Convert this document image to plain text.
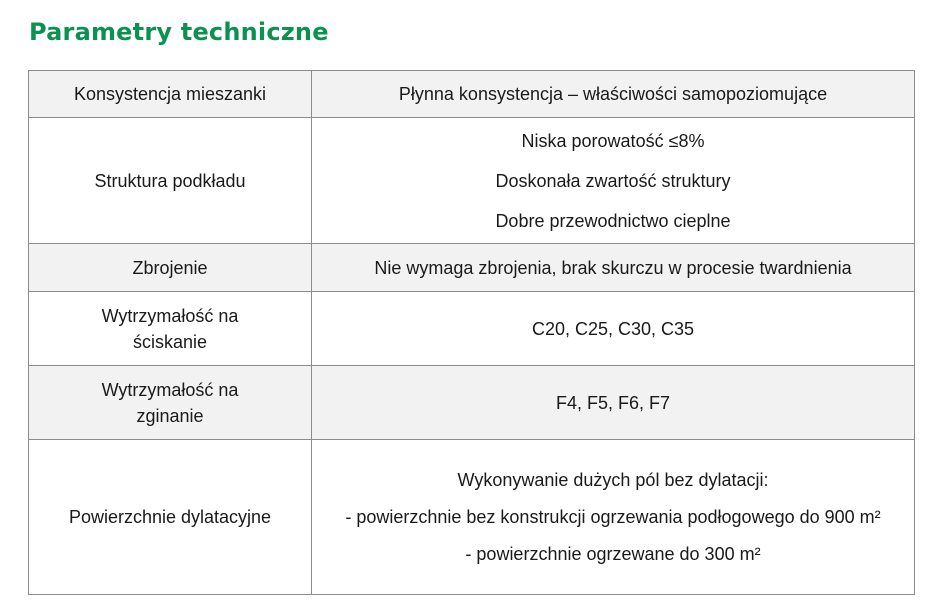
Parametry techniczne
Konsystencja mieszanki	Płynna konsystencja – właściwości samopoziomujące

Struktura podkładu	Niska porowatość ≤8%
Doskonała zwartość struktury
Dobre przewodnictwo cieplne

Zbrojenie	Nie wymaga zbrojenia, brak skurczu w procesie twardnienia

Wytrzymałość na
ściskanie	C20, C25, C30, C35

Wytrzymałość na
zginanie	F4, F5, F6, F7

Powierzchnie dylatacyjne	Wykonywanie dużych pól bez dylatacji:
- powierzchnie bez konstrukcji ogrzewania podłogowego do 900 m²
- powierzchnie ogrzewane do 300 m²
